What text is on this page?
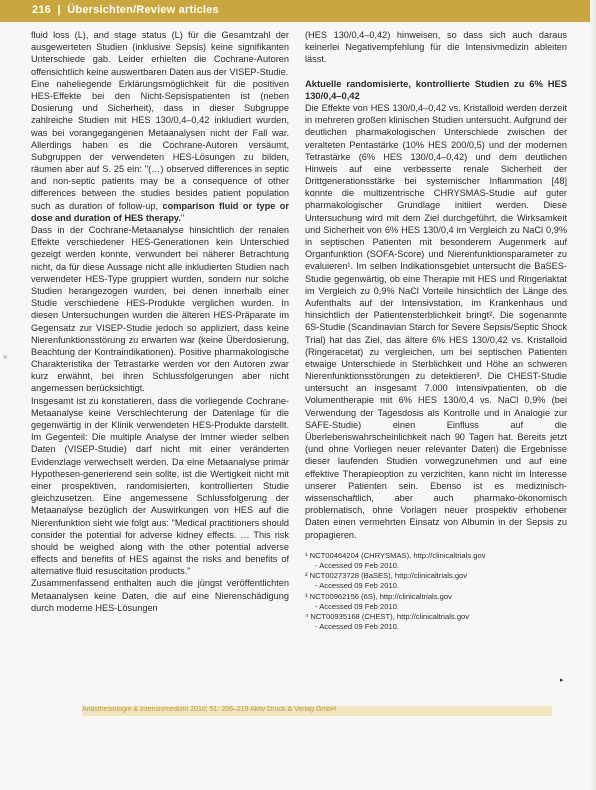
216  |  Übersichten/Review articles
«

fluid loss (L), and stage status (L) für die Gesamtzahl der ausgewerteten Studien (inklusive Sepsis) keine signifikanten Unterschiede gab. Leider erhielten die Cochrane-Autoren offensichtlich keine auswertbaren Daten aus der VISEP-Studie.

Eine naheliegende Erklärungsmöglichkeit für die positiven HES-Effekte bei den Nicht-Sepsispatienten ist (neben Dosierung und Sicherheit), dass in dieser Subgruppe zahlreiche Studien mit HES 130/0,4–0,42 inkludiert wurden, was bei vorangegangenen Metaanalysen nicht der Fall war. Allerdings haben es die Cochrane-Autoren versäumt, Subgruppen der verwendeten HES-Lösungen zu bilden, räumen aber auf S. 25 ein: "(…) observed differences in septic and non-septic patients may be a consequence of other differences between the studies besides patient population such as duration of follow-up, comparison fluid or type or dose and duration of HES therapy."

Dass in der Cochrane-Metaanalyse hinsichtlich der renalen Effekte verschiedener HES-Generationen kein Unterschied gezeigt werden konnte, verwundert bei näherer Betrachtung nicht, da für diese Aussage nicht alle inkludierten Studien nach verwendeter HES-Type gruppiert wurden, sondern nur solche Studien herangezogen wurden, bei denen innerhalb einer Studie verschiedene HES-Produkte verglichen wurden. In diesen Untersuchungen wurden die älteren HES-Präparate im Gegensatz zur VISEP-Studie jedoch so appliziert, dass keine Nierenfunktionsstörung zu erwarten war (keine Überdosierung, Beachtung der Kontraindikationen). Positive pharmakologische Charakteristika der Tetrastarke werden vor den Autoren zwar kurz erwähnt, bei ihren Schlussfolgerungen aber nicht angemessen berücksichtigt.

Insgesamt ist zu konstatieren, dass die vorliegende Cochrane-Metaanalyse keine Verschlechterung der Datenlage für die gegenwärtig in der Klinik verwendeten HES-Produkte darstellt. Im Gegenteil: Die multiple Analyse der immer wieder selben Daten (VISEP-Studie) darf nicht mit einer veränderten Evidenzlage verwechselt werden. Da eine Metaanalyse primär Hypothesen-generierend sein sollte, ist die Wertigkeit nicht mit einer prospektiven, randomisierten, kontrollierten Studie gleichzusetzen. Eine angemessene Schlussfolgerung der Metaanalyse bezüglich der Auswirkungen von HES auf die Nierenfunktion sieht wie folgt aus: "Medical practitioners should consider the potential for adverse kidney effects. … This risk should be weighed along with the other potential adverse effects and benefits of HES against the risks and benefits of alternative fluid resuscitation products."

Zusammenfassend enthalten auch die jüngst veröffentlichten Metaanalysen keine Daten, die auf eine Nierenschädigung durch moderne HES-Lösungen

(HES 130/0,4–0,42) hinweisen, so dass sich auch daraus keinerlei Negativempfehlung für die Intensivmedizin ableiten lässt.

Aktuelle randomisierte, kontrollierte Studien zu 6% HES 130/0,4–0,42

Die Effekte von HES 130/0,4–0,42 vs. Kristalloid werden derzeit in mehreren großen klinischen Studien untersucht. Aufgrund der deutlichen pharmakologischen Unterschiede zwischen der veralteten Pentastärke (10% HES 200/0,5) und der modernen Tetrastärke (6% HES 130/0,4–0,42) und dem deutlichen Hinweis auf eine verbesserte renale Sicherheit der Drittgenerationsstärke bei systemischer Inflammation [48] konnte die multizentrische CHRYSMAS-Studie auf guter pharmakologischer Grundlage initiiert werden. Diese Untersuchung wird mit dem Ziel durchgeführt, die Wirksamkeit und Sicherheit von 6% HES 130/0,4 im Vergleich zu NaCl 0,9% in septischen Patienten mit besonderem Augenmerk auf Organfunktion (SOFA-Score) und Nierenfunktionsparameter zu evaluieren¹. Im selben Indikationsgebiet untersucht die BaSES-Studie gegenwärtig, ob eine Therapie mit HES und Ringerlaktat im Vergleich zu 0,9% NaCl Vorteile hinsichtlich der Länge des Aufenthalts auf der Intensivstation, im Krankenhaus und hinsichtlich der Patientensterblichkeit bringt². Die sogenannte 6S-Studie (Scandinavian Starch for Severe Sepsis/Septic Shock Trial) hat das Ziel, das ältere 6% HES 130/0,42 vs. Kristalloid (Ringeracetat) zu vergleichen, um bei septischen Patienten etwaige Unterschiede in Sterblichkeit und Höhe an schweren Nierenfunktionsstörungen zu detektieren³. Die CHEST-Studie untersucht an insgesamt 7.000 Intensivpatienten, ob die Volumentherapie mit 6% HES 130/0,4 vs. NaCl 0,9% (bei Verwendung der Tagesdosis als Kontrolle und in Analogie zur SAFE-Studie) einen Einfluss auf die Überlebenswahrscheinlichkeit nach 90 Tagen hat. Bereits jetzt (und ohne Vorliegen neuer relevanter Daten) die Ergebnisse dieser laufenden Studien vorwegzunehmen und auf eine effektive Therapieoption zu verzichten, kann nicht im Interesse unserer Patienten sein. Ebenso ist es medizinisch-wissenschaftlich, aber auch pharmako-ökonomisch problematisch, ohne Vorlagen neuer prospektiv erhobener Daten einen vermehrten Einsatz von Albumin in der Sepsis zu propagieren.

¹ NCT00464204 (CHRYSMAS), http://clinicaltrials.gov
- Accessed 09 Feb 2010.
² NCT00273728 (BaSES), http://clinicaltrials.gov
- Accessed 09 Feb 2010.
³ NCT00962156 (6S), http://clinicaltrials.gov
- Accessed 09 Feb 2010.
⁴ NCT00935168 (CHEST), http://clinicaltrials.gov
- Accessed 09 Feb 2010.
▸
Anästhesiologie & Intensivmedizin 2010; 51: 206–219 Aktiv Druck & Verlag GmbH
